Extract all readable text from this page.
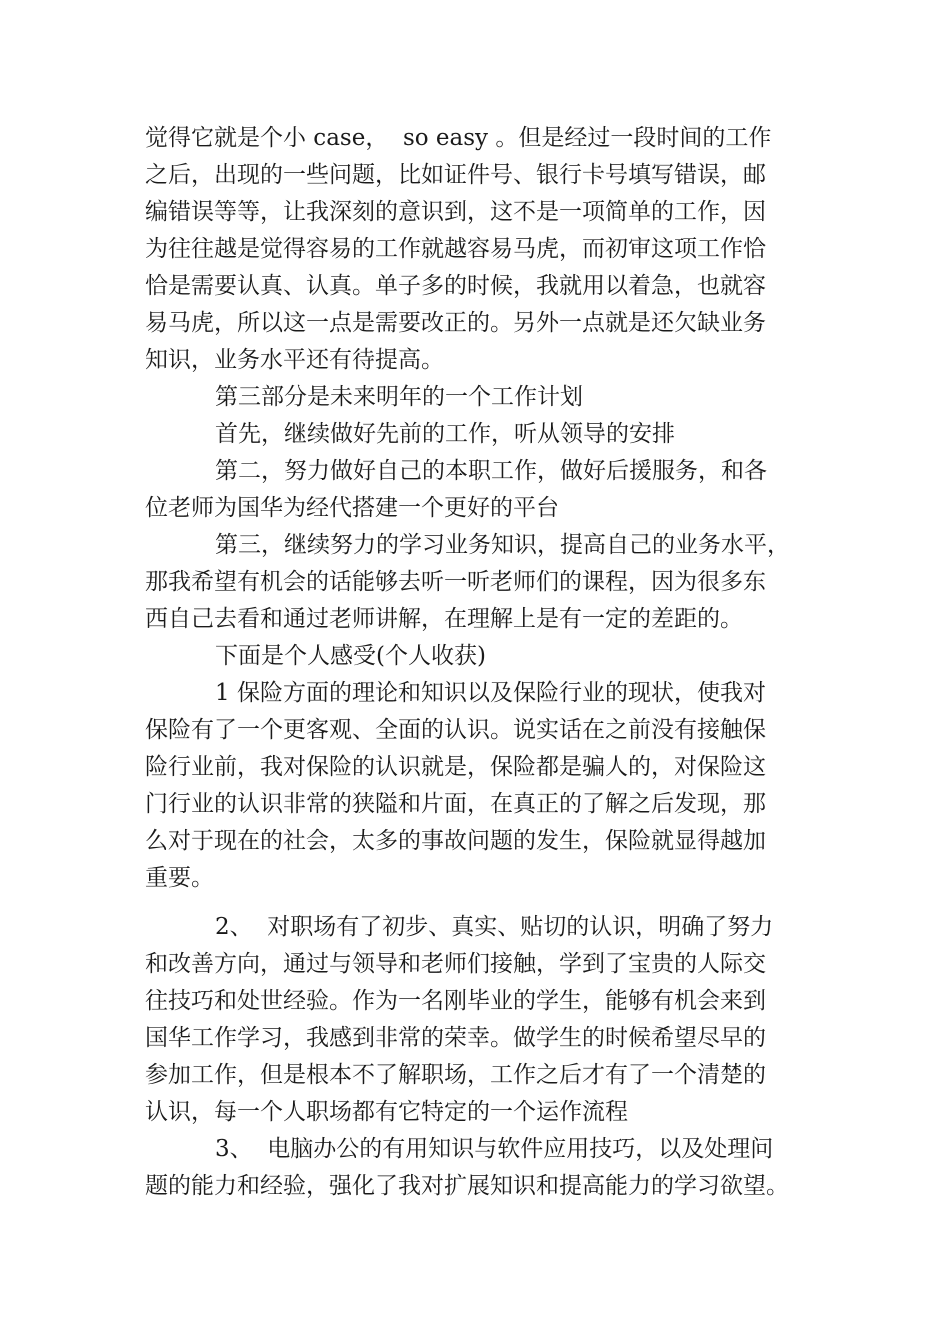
觉得它就是个小 case，  so easy 。但是经过一段时间的工作
之后，出现的一些问题，比如证件号、银行卡号填写错误，邮
编错误等等，让我深刻的意识到，这不是一项简单的工作，因
为往往越是觉得容易的工作就越容易马虎，而初审这项工作恰
恰是需要认真、认真。单子多的时候，我就用以着急，也就容
易马虎，所以这一点是需要改正的。另外一点就是还欠缺业务
知识，业务水平还有待提高。
第三部分是未来明年的一个工作计划
首先，继续做好先前的工作，听从领导的安排
第二，努力做好自己的本职工作，做好后援服务，和各
位老师为国华为经代搭建一个更好的平台
第三，继续努力的学习业务知识，提高自己的业务水平，
那我希望有机会的话能够去听一听老师们的课程，因为很多东
西自己去看和通过老师讲解，在理解上是有一定的差距的。
下面是个人感受(个人收获)
1 保险方面的理论和知识以及保险行业的现状，使我对
保险有了一个更客观、全面的认识。说实话在之前没有接触保
险行业前，我对保险的认识就是，保险都是骗人的，对保险这
门行业的认识非常的狭隘和片面，在真正的了解之后发现，那
么对于现在的社会，太多的事故问题的发生，保险就显得越加
重要。
2、  对职场有了初步、真实、贴切的认识，明确了努力
和改善方向，通过与领导和老师们接触，学到了宝贵的人际交
往技巧和处世经验。作为一名刚毕业的学生，能够有机会来到
国华工作学习，我感到非常的荣幸。做学生的时候希望尽早的
参加工作，但是根本不了解职场，工作之后才有了一个清楚的
认识，每一个人职场都有它特定的一个运作流程
3、  电脑办公的有用知识与软件应用技巧，以及处理问
题的能力和经验，强化了我对扩展知识和提高能力的学习欲望。
